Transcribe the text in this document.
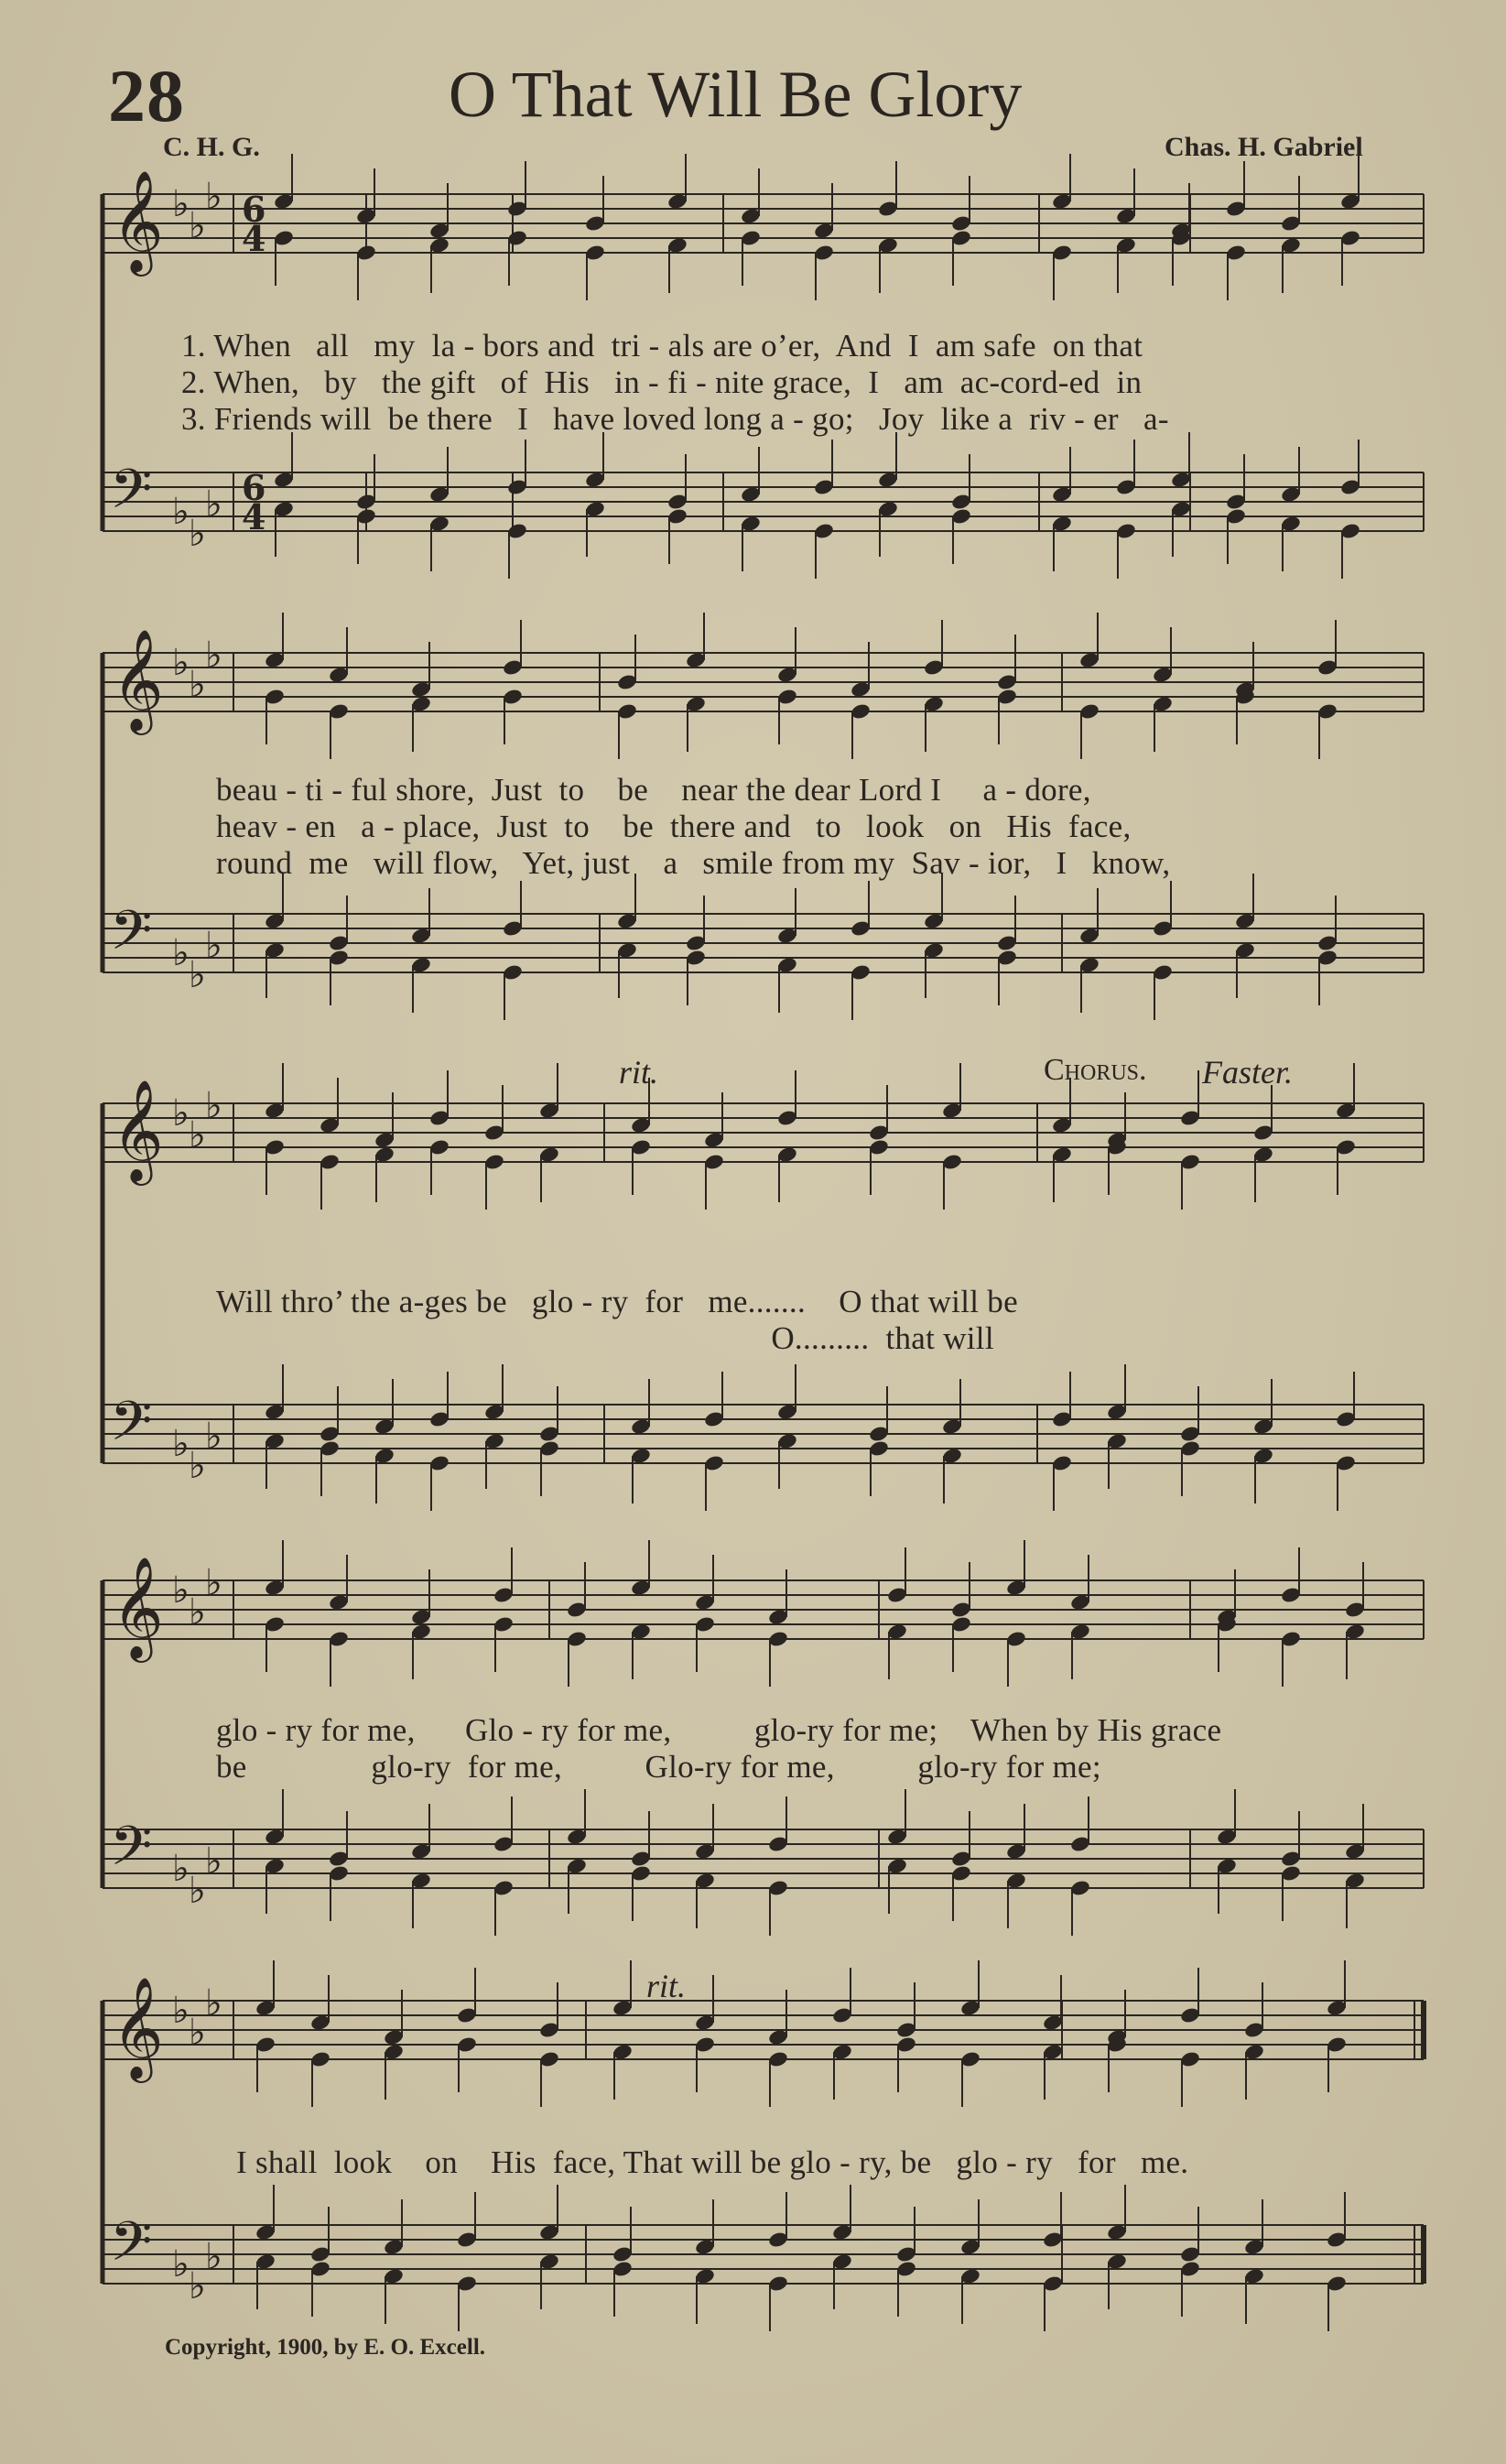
28	O That Will Be Glory
C. H. G.	Chas. H. Gabriel
𝄞
𝄢
♭
♭
♭
♭
♭
♭
𝄞
𝄢
♭
♭
♭
♭
♭
♭
𝄞
𝄢
♭
♭
♭
♭
♭
♭
𝄞
𝄢
♭
♭
♭
♭
♭
♭
𝄞
𝄢
♭
♭
♭
♭
♭
♭
6
4
6
4
1. When   all   my  la - bors and  tri - als are o’er,  And  I  am safe  on that
2. When,   by   the gift   of  His   in - fi - nite grace,  I   am  ac-cord-ed  in
3. Friends will  be there   I   have loved long a - go;   Joy  like a  riv - er   a-
beau - ti - ful shore,  Just  to    be    near the dear Lord I     a - dore,
heav - en   a - place,  Just  to    be  there and   to   look   on   His  face,
round  me   will flow,   Yet, just    a   smile from my  Sav - ior,   I   know,
rit.	Chorus. Faster.
Will thro’ the a-ges be   glo - ry  for   me.......    O that will be
O.........  that will
glo - ry for me,      Glo - ry for me,          glo-ry for me;    When by His grace
be               glo-ry  for me,          Glo-ry for me,          glo-ry for me;
rit.
I shall  look    on    His  face, That will be glo - ry, be   glo - ry   for   me.
Copyright, 1900, by E. O. Excell.
